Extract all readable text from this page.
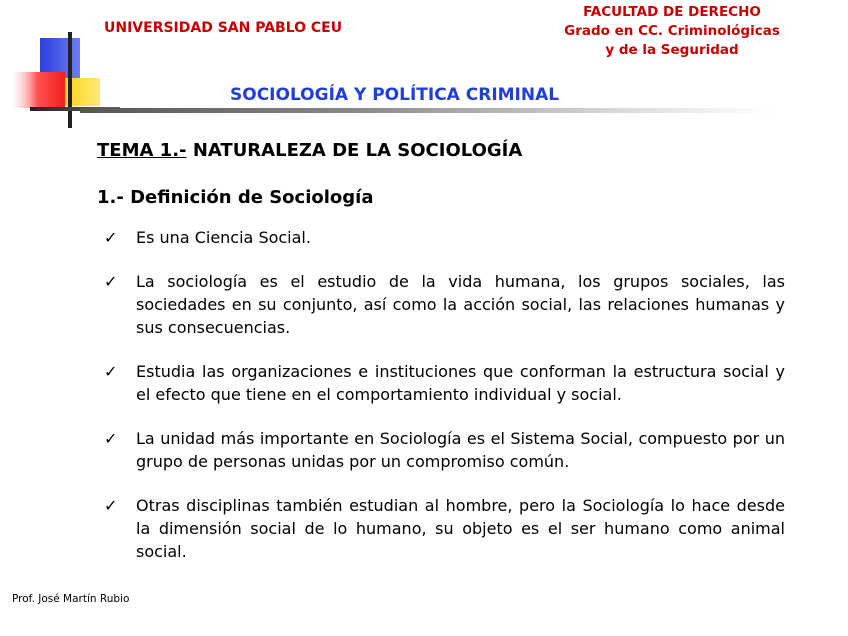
UNIVERSIDAD SAN PABLO CEU
FACULTAD DE DERECHO
Grado en CC. Criminológicas
y de la Seguridad
SOCIOLOGÍA Y POLÍTICA CRIMINAL
TEMA 1.- NATURALEZA DE LA SOCIOLOGÍA
1.- Definición de Sociología
✓ Es una Ciencia Social.
✓ La sociología es el estudio de la vida humana, los grupos sociales, las sociedades en su conjunto, así como la acción social, las relaciones humanas y sus consecuencias.
✓ Estudia las organizaciones e instituciones que conforman la estructura social y el efecto que tiene en el comportamiento individual y social.
✓ La unidad más importante en Sociología es el Sistema Social, compuesto por un grupo de personas unidas por un compromiso común.
✓ Otras disciplinas también estudian al hombre, pero la Sociología lo hace desde la dimensión social de lo humano, su objeto es el ser humano como animal social.
Prof. José Martín Rubio
